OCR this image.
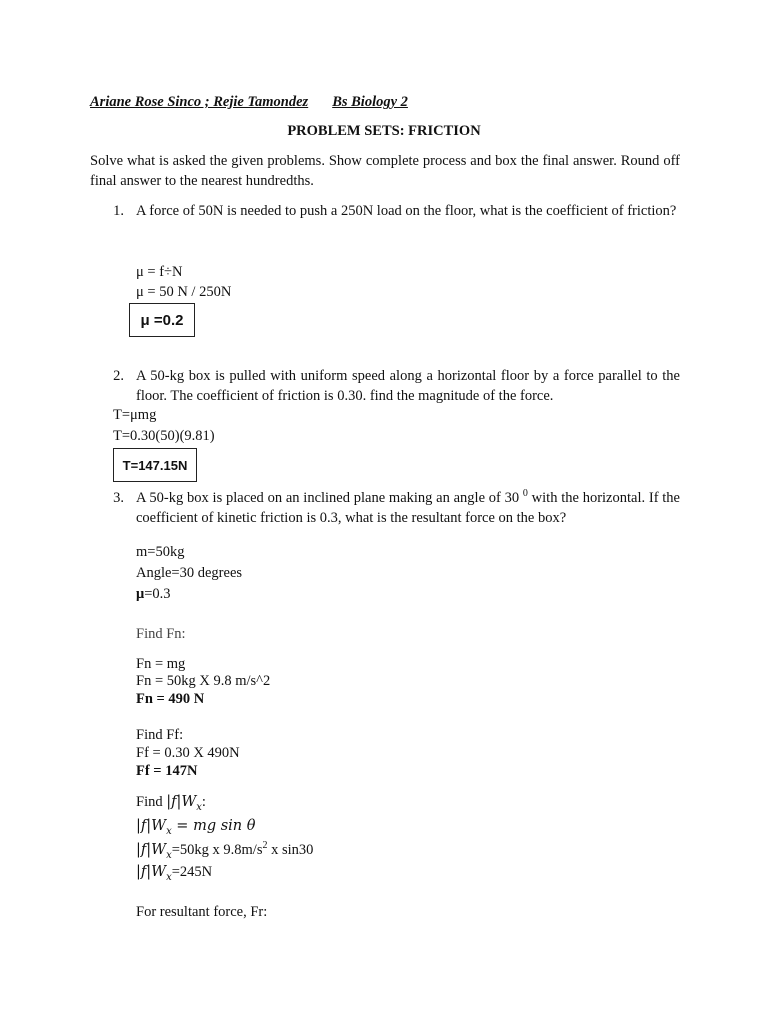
Ariane Rose Sinco ; Rejie Tamondez Bs Biology 2
PROBLEM SETS: FRICTION
Solve what is asked the given problems. Show complete process and box the final answer. Round off final answer to the nearest hundredths.
1. A force of 50N is needed to push a 250N load on the floor, what is the coefficient of friction?
μ = f÷N
μ = 50 N / 250N
μ =0.2
2. A 50-kg box is pulled with uniform speed along a horizontal floor by a force parallel to the floor. The coefficient of friction is 0.30. find the magnitude of the force.
T=μmg
T=0.30(50)(9.81)
T=147.15N
3. A 50-kg box is placed on an inclined plane making an angle of 30 $^0$ with the horizontal. If the coefficient of kinetic friction is 0.3, what is the resultant force on the box?
m=50kg
Angle=30 degrees
μ=0.3
Find Fn:
Fn = mg
Fn = 50kg X 9.8 m/s^2
Fn = 490 N
Find Ff:
Ff = 0.30 X 490N
Ff = 147N
Find $|f|W_x$:
$|f|W_x$ = mg sin θ
$|f|W_x=50kg$ x $9.8m/s^2$ x sin30
$|f|W_x=245N$
For resultant force, Fr:
